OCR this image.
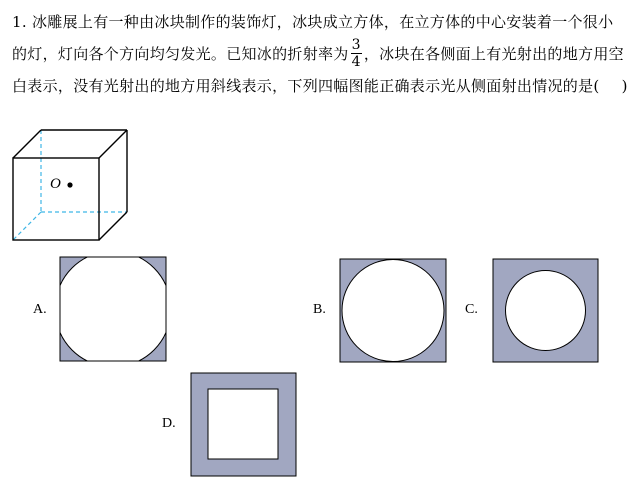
1. 冰雕展上有一种由冰块制作的装饰灯，冰块成立方体，在立方体的中心安装着一个很小
的灯，灯向各个方向均匀发光。已知冰的折射率为 $\frac{3}{4}$ ，冰块在各侧面上有光射出的地方用空
白表示，没有光射出的地方用斜线表示，下列四幅图能正确表示光从侧面射出情况的是( )
O
A.	B.	C.
D.
